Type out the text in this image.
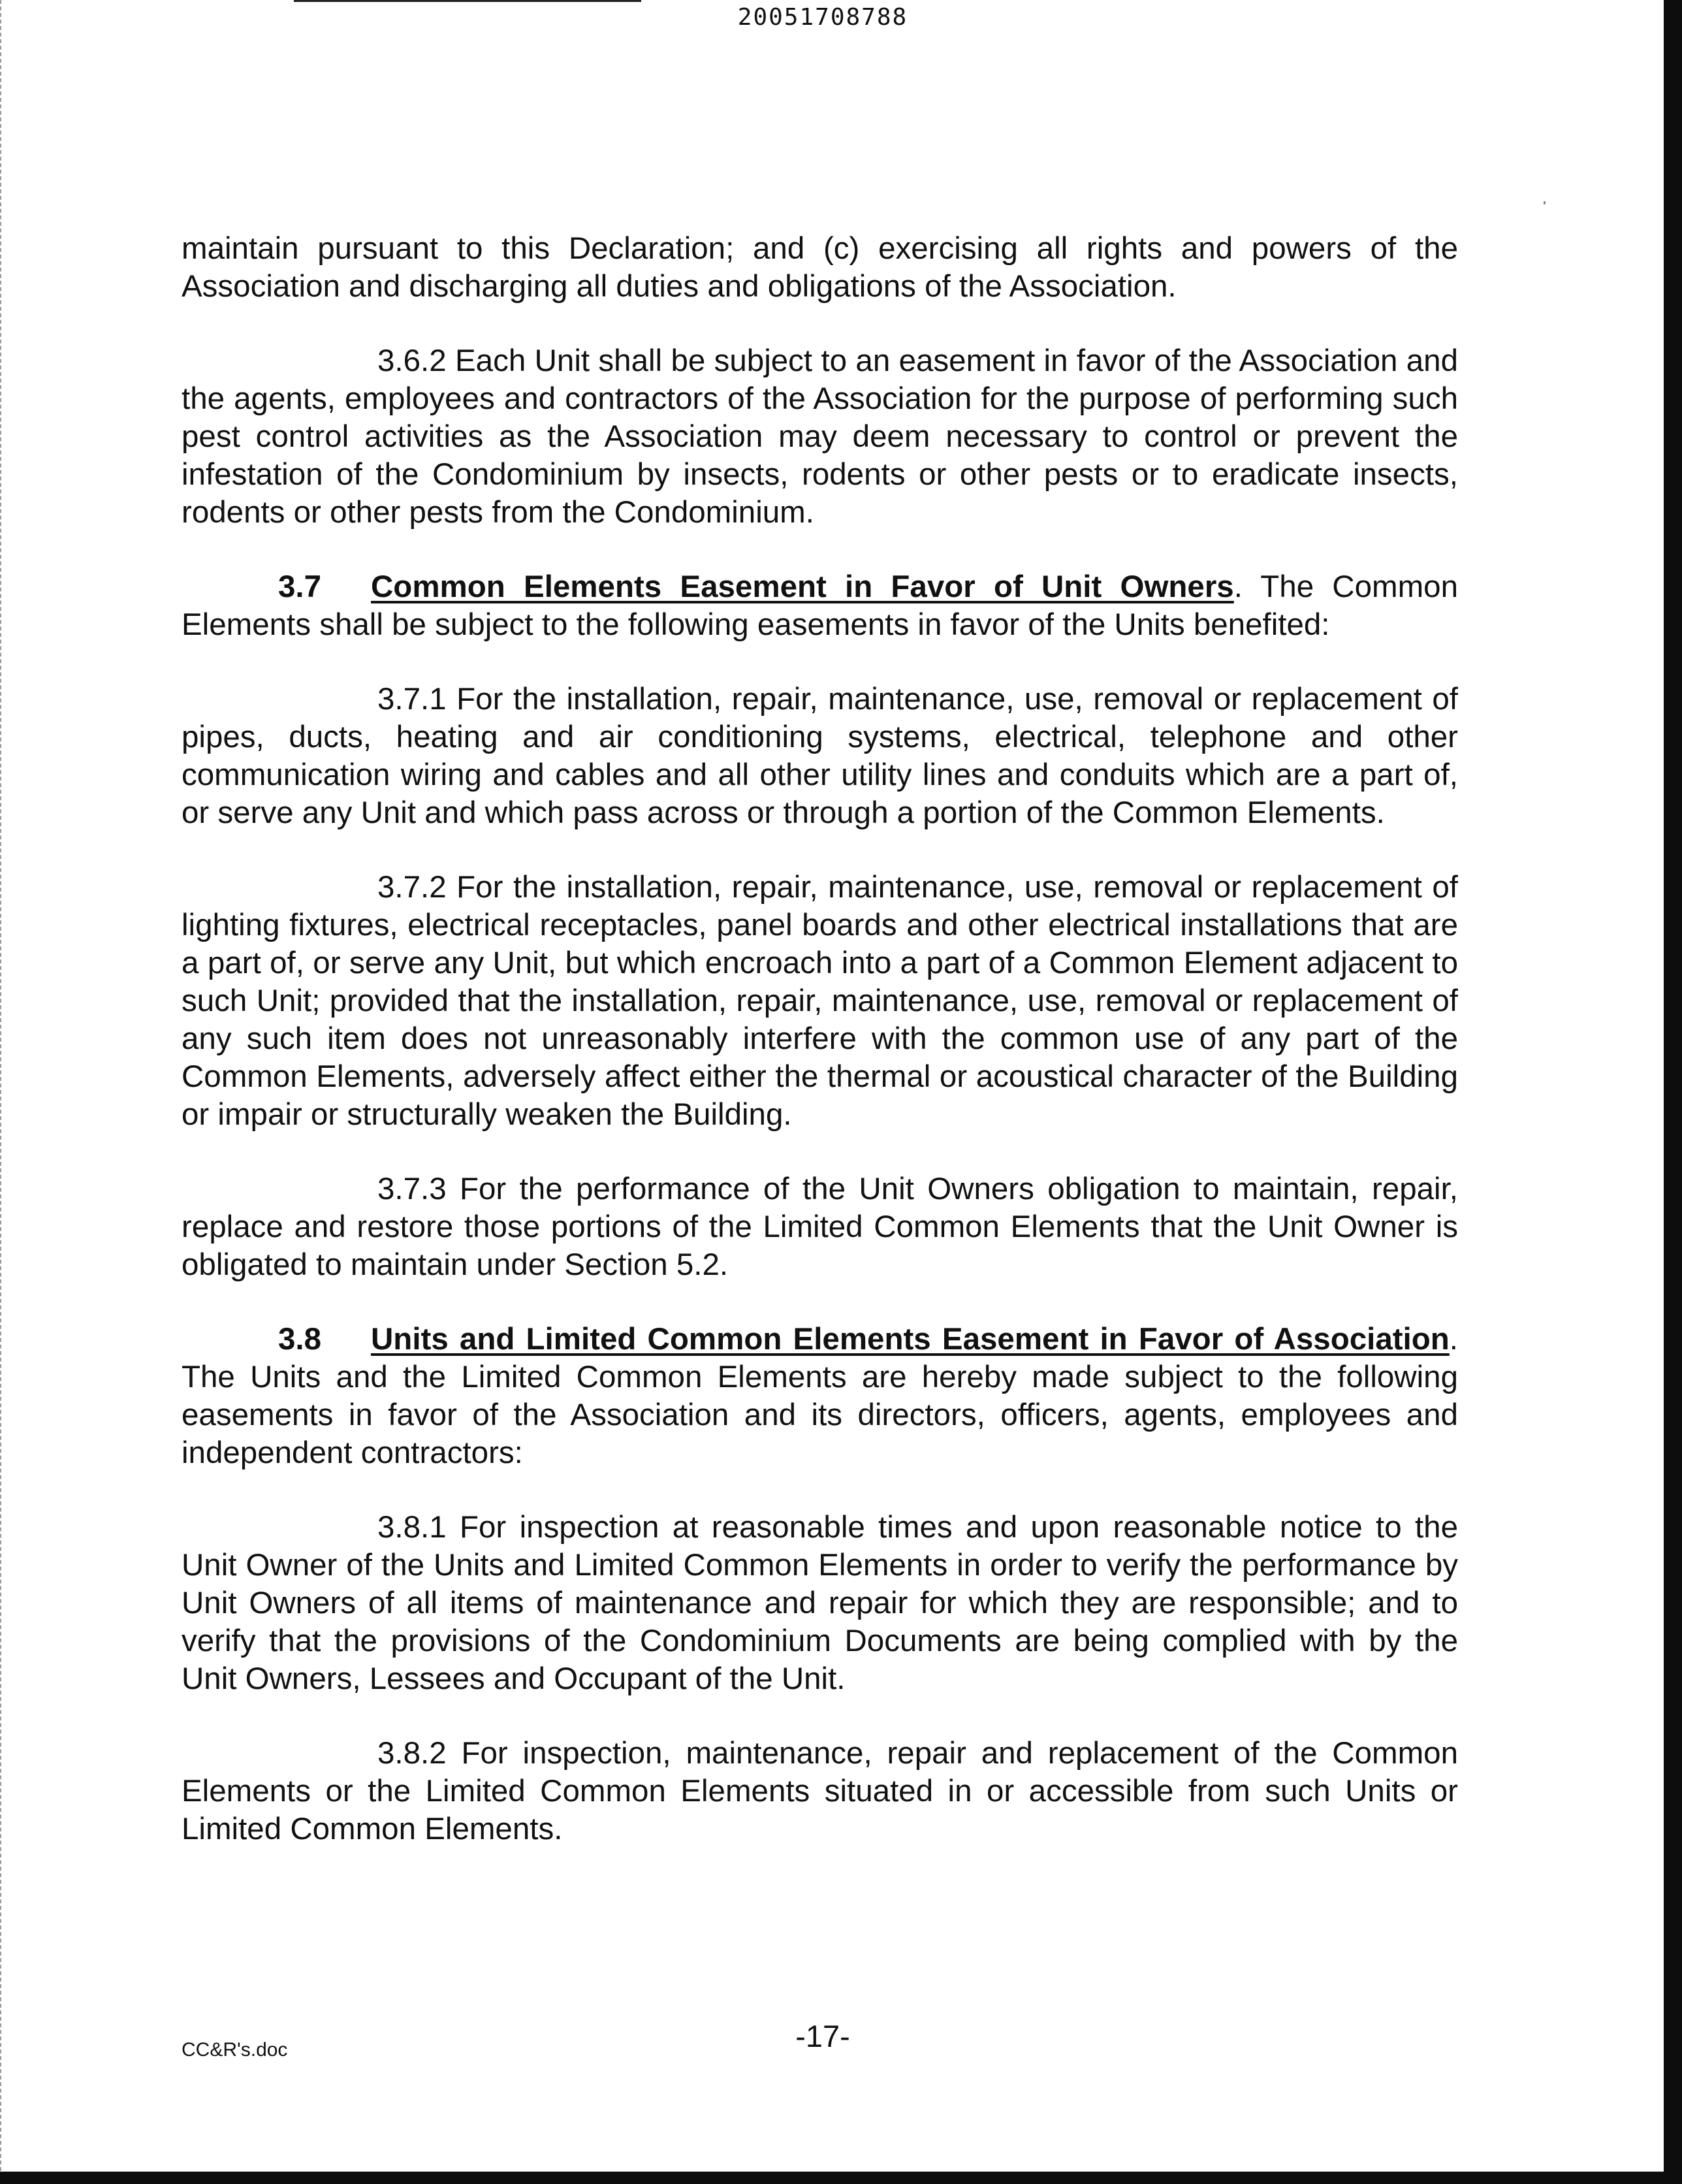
20051708788

maintain pursuant to this Declaration; and (c) exercising all rights and powers of the Association and discharging all duties and obligations of the Association.

3.6.2 Each Unit shall be subject to an easement in favor of the Association and the agents, employees and contractors of the Association for the purpose of performing such pest control activities as the Association may deem necessary to control or prevent the infestation of the Condominium by insects, rodents or other pests or to eradicate insects, rodents or other pests from the Condominium.

3.7 Common Elements Easement in Favor of Unit Owners. The Common Elements shall be subject to the following easements in favor of the Units benefited:

3.7.1 For the installation, repair, maintenance, use, removal or replacement of pipes, ducts, heating and air conditioning systems, electrical, telephone and other communication wiring and cables and all other utility lines and conduits which are a part of, or serve any Unit and which pass across or through a portion of the Common Elements.

3.7.2 For the installation, repair, maintenance, use, removal or replacement of lighting fixtures, electrical receptacles, panel boards and other electrical installations that are a part of, or serve any Unit, but which encroach into a part of a Common Element adjacent to such Unit; provided that the installation, repair, maintenance, use, removal or replacement of any such item does not unreasonably interfere with the common use of any part of the Common Elements, adversely affect either the thermal or acoustical character of the Building or impair or structurally weaken the Building.

3.7.3 For the performance of the Unit Owners obligation to maintain, repair, replace and restore those portions of the Limited Common Elements that the Unit Owner is obligated to maintain under Section 5.2.

3.8 Units and Limited Common Elements Easement in Favor of Association. The Units and the Limited Common Elements are hereby made subject to the following easements in favor of the Association and its directors, officers, agents, employees and independent contractors:

3.8.1 For inspection at reasonable times and upon reasonable notice to the Unit Owner of the Units and Limited Common Elements in order to verify the performance by Unit Owners of all items of maintenance and repair for which they are responsible; and to verify that the provisions of the Condominium Documents are being complied with by the Unit Owners, Lessees and Occupant of the Unit.

3.8.2 For inspection, maintenance, repair and replacement of the Common Elements or the Limited Common Elements situated in or accessible from such Units or Limited Common Elements.

CC&R's.doc	-17-
